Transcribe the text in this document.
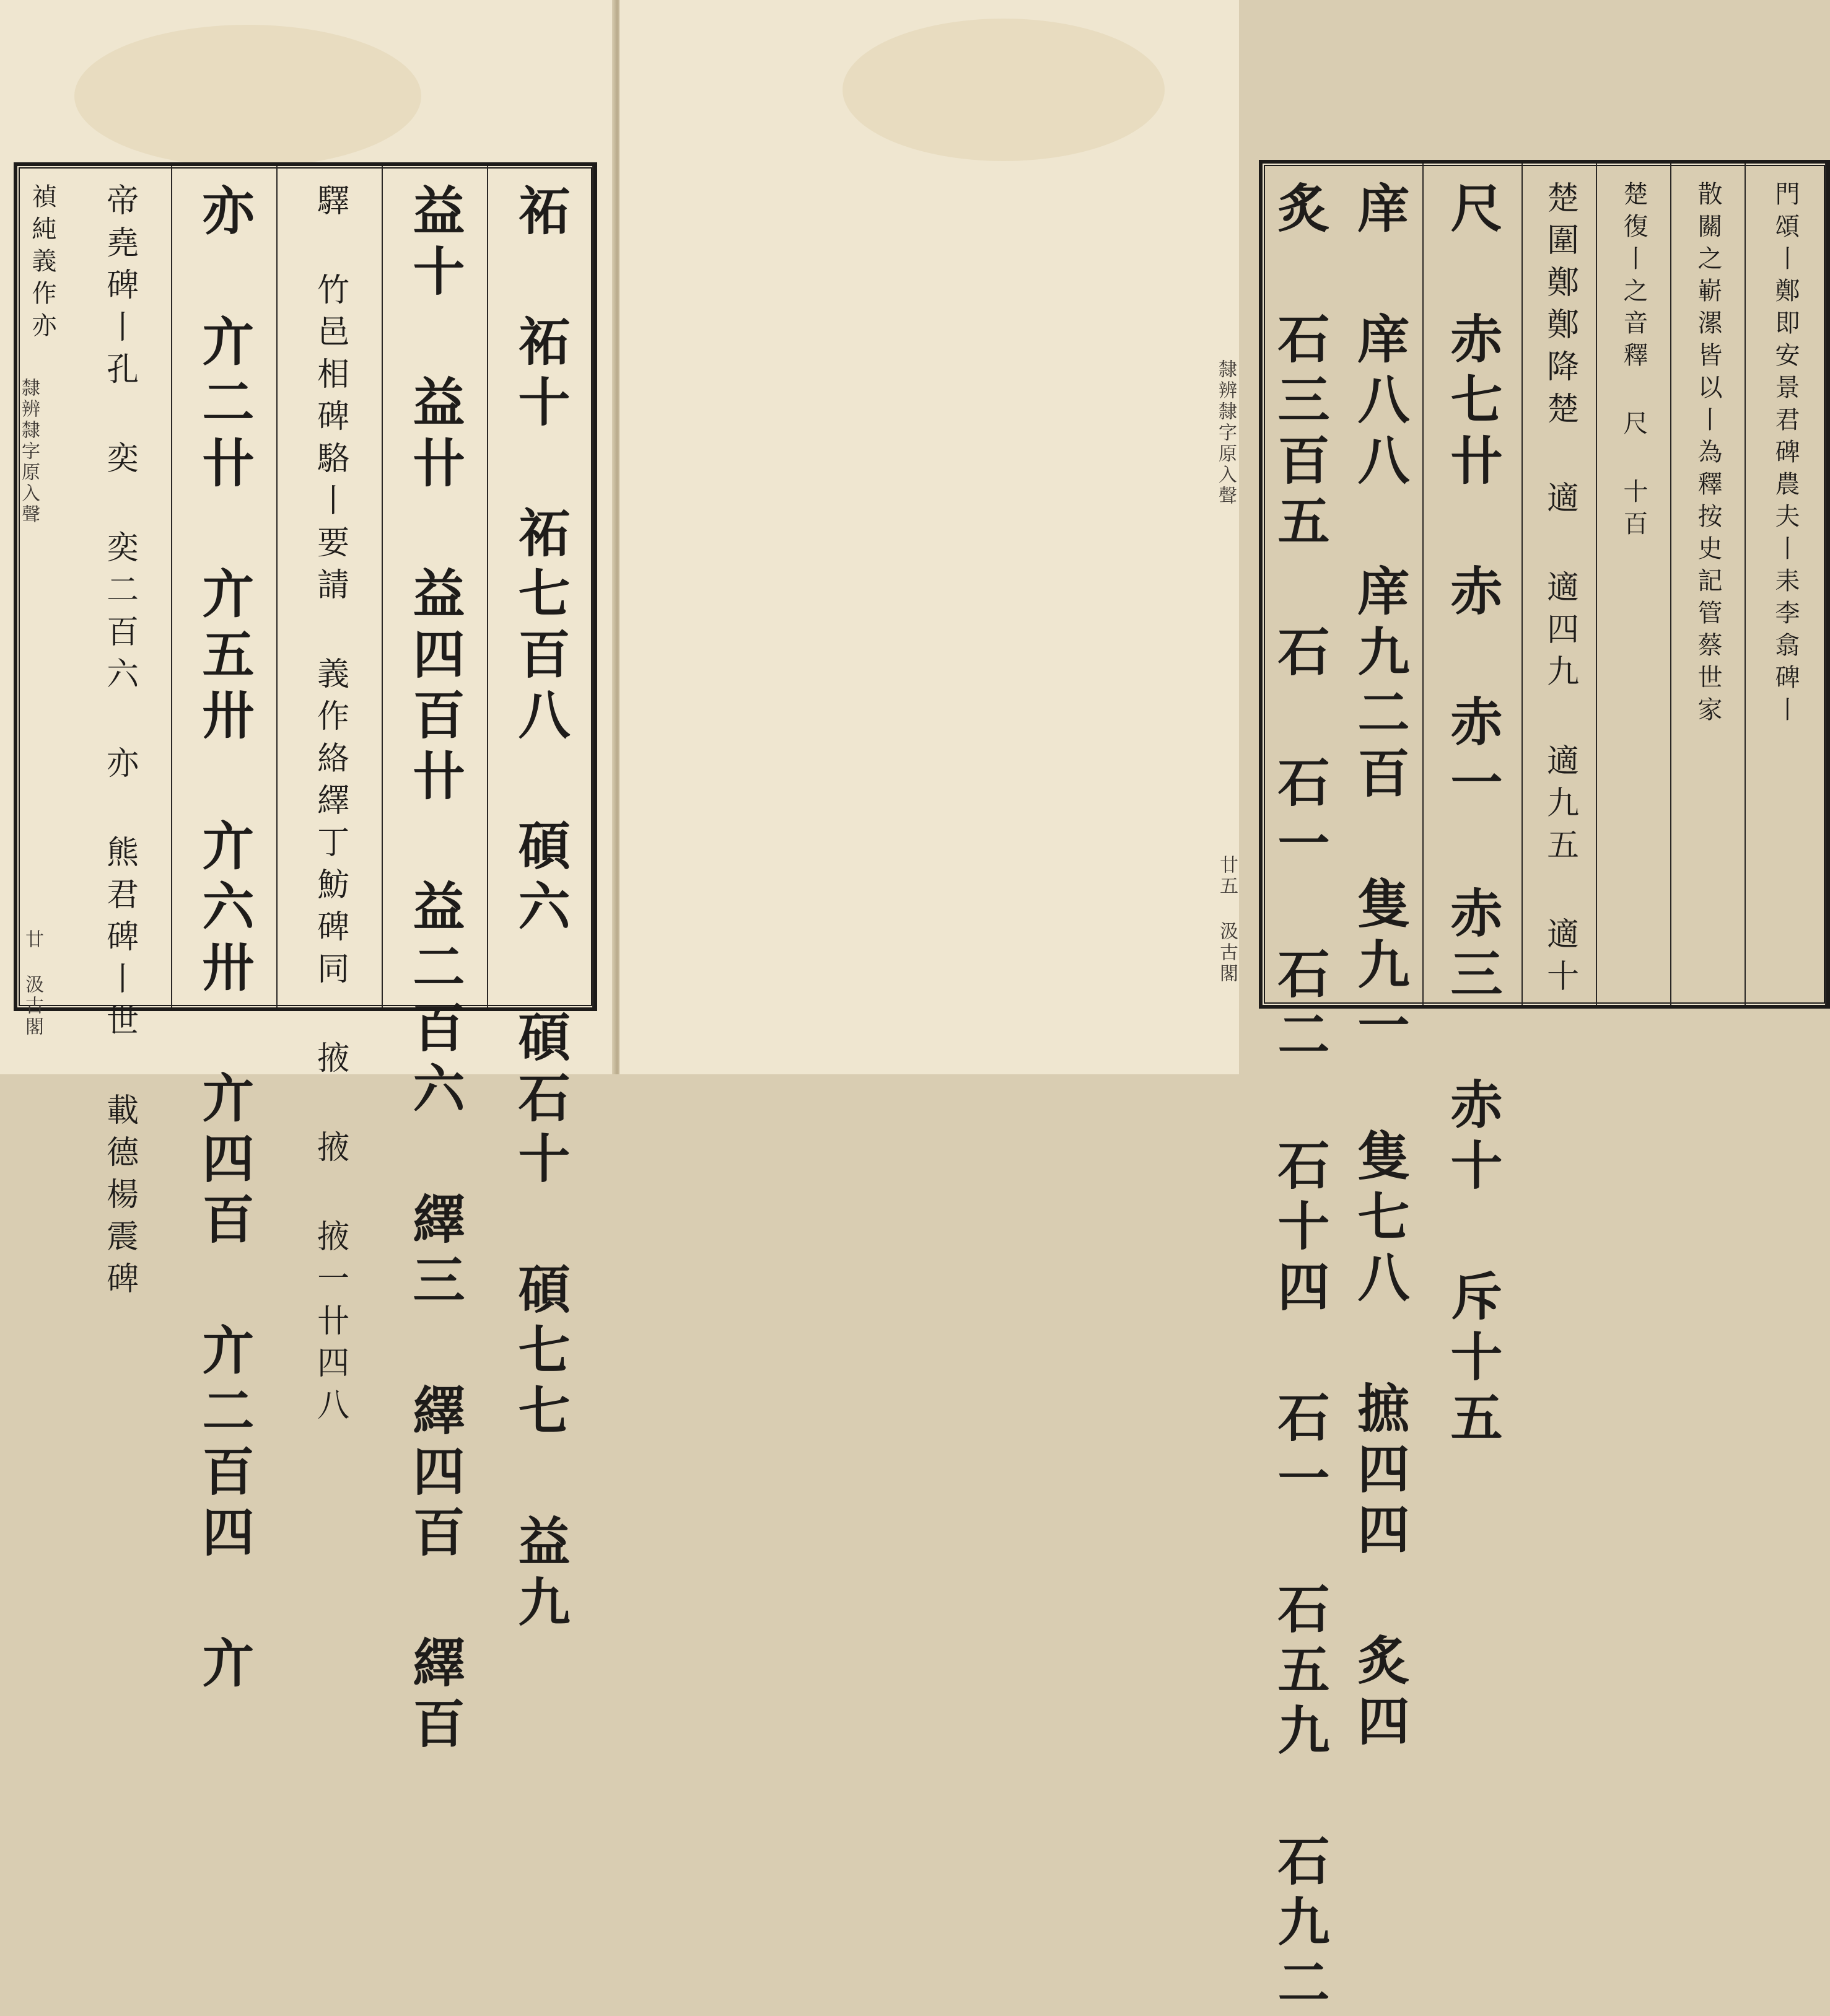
祏 祏十 祏七百八 碩六 碩石十 碩七七 益九
益十 益卄 益四百卄 益二百六 繹三 繹四百 繹百
驛 竹邑相碑駱丨要請 義作絡繹丁魴碑同 掖 掖 掖一卄四八
亦 亣二卄 亣五卅 亣六卅 亣四百 亣二百四 亣
帝堯碑丨孔 奕 奕二百六 亦 熊君碑丨世 載德楊震碑
禎純義作亦
隸辨隸字原入聲
廿 汲古閣
門頌丨鄭即安景君碑農夫丨耒李翕碑丨
散關之嶄漯皆以丨為釋按史記管蔡世家
楚復丨之音釋 尺 十百
楚圍鄭鄭降楚 適 適四九 適九五 適十
尺 赤七卄 赤 赤一 赤三 赤十 斥十五
庠 庠八八 庠九二百 隻九一 隻七八 摭四四 炙四
炙 石三百五 石 石一 石二 石十四 石一 石五九 石九二
隸辨隸字原入聲
廿五 汲古閣
